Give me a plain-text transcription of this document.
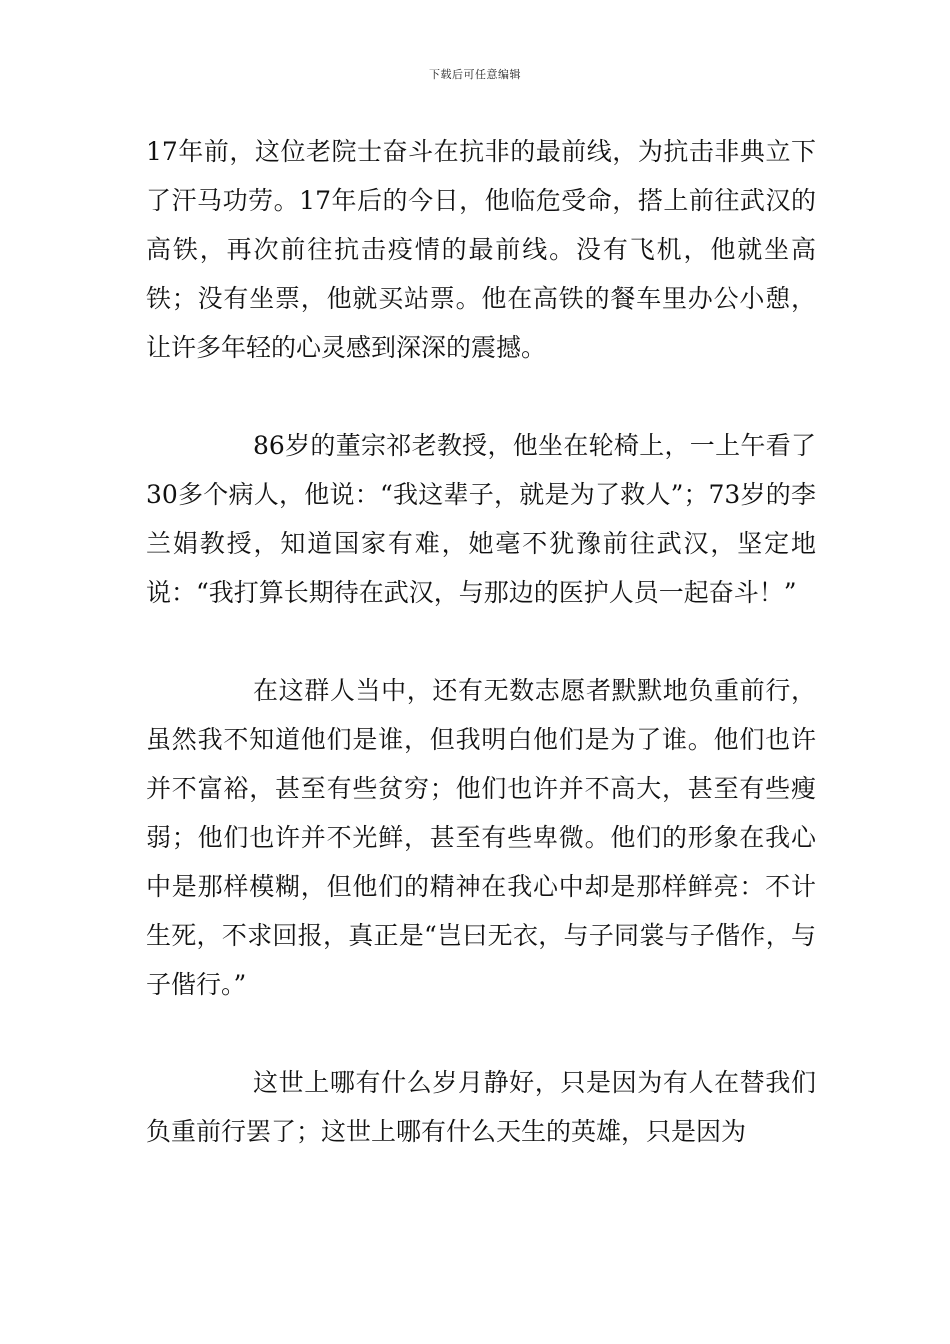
下载后可任意编辑

17年前，这位老院士奋斗在抗非的最前线，为抗击非典立下了汗马功劳。17年后的今日，他临危受命，搭上前往武汉的高铁，再次前往抗击疫情的最前线。没有飞机，他就坐高铁；没有坐票，他就买站票。他在高铁的餐车里办公小憩，让许多年轻的心灵感到深深的震撼。

86岁的董宗祁老教授，他坐在轮椅上，一上午看了30多个病人，他说：“我这辈子，就是为了救人”；73岁的李兰娟教授，知道国家有难，她毫不犹豫前往武汉，坚定地说：“我打算长期待在武汉，与那边的医护人员一起奋斗！”

在这群人当中，还有无数志愿者默默地负重前行，虽然我不知道他们是谁，但我明白他们是为了谁。他们也许并不富裕，甚至有些贫穷；他们也许并不高大，甚至有些瘦弱；他们也许并不光鲜，甚至有些卑微。他们的形象在我心中是那样模糊，但他们的精神在我心中却是那样鲜亮：不计生死，不求回报，真正是“岂曰无衣，与子同裳与子偕作，与子偕行。”

这世上哪有什么岁月静好，只是因为有人在替我们负重前行罢了；这世上哪有什么天生的英雄，只是因为
